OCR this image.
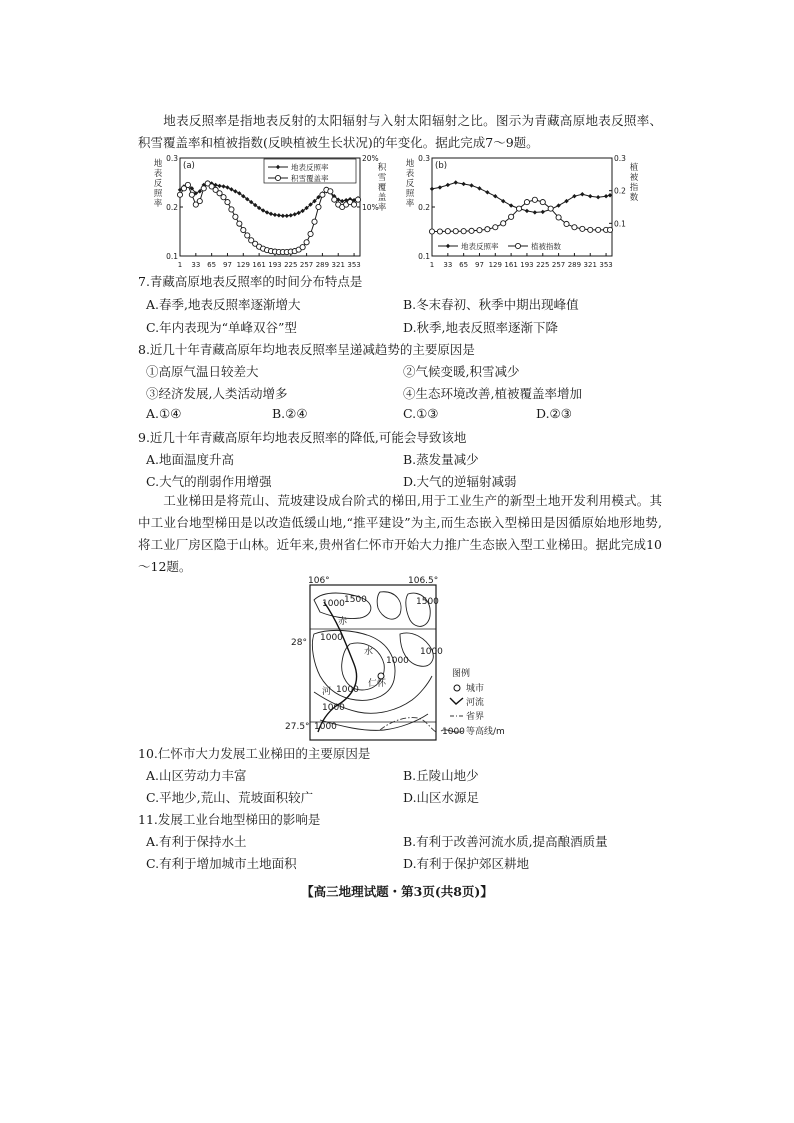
地表反照率是指地表反射的太阳辐射与入射太阳辐射之比。图示为青藏高原地表反照率、积雪覆盖率和植被指数(反映植被生长状况)的年变化。据此完成7～9题。
0.3
0.2
0.1
20%
10%
地
表
反
照
率
积
雪
覆
盖
率
1 33 65 97 129 161 193 225 257 289 321 353
(a)	地表反照率
积雪覆盖率
0.3
0.2
0.1
0.3
0.2
0.1
地
表
反
照
率
植
被
指
数
1 33 65 97 129 161 193 225 257 289 321 353
(b)
地表反照率	植被指数
7.青藏高原地表反照率的时间分布特点是
A.春季,地表反照率逐渐增大	B.冬末春初、秋季中期出现峰值
C.年内表现为“单峰双谷”型	D.秋季,地表反照率逐渐下降
8.近几十年青藏高原年均地表反照率呈递减趋势的主要原因是
①高原气温日较差大	②气候变暖,积雪减少
③经济发展,人类活动增多	④生态环境改善,植被覆盖率增加
A.①④	B.②④	C.①③	D.②③
9.近几十年青藏高原年均地表反照率的降低,可能会导致该地
A.地面温度升高	B.蒸发量减少
C.大气的削弱作用增强	D.大气的逆辐射减弱
工业梯田是将荒山、荒坡建设成台阶式的梯田,用于工业生产的新型土地开发利用模式。其中工业台地型梯田是以改造低缓山地,“推平建设”为主,而生态嵌入型梯田是因循原始地形地势,将工业厂房区隐于山林。近年来,贵州省仁怀市开始大力推广生态嵌入型工业梯田。据此完成10～12题。
106°	106.5°
28°
27.5°
1000 1500
1000
1500
1000
1000
1000
1000
1000
赤
水
河
仁怀
图例
城市
河流
省界
1000 等高线/m
10.仁怀市大力发展工业梯田的主要原因是
A.山区劳动力丰富	B.丘陵山地少
C.平地少,荒山、荒坡面积较广	D.山区水源足
11.发展工业台地型梯田的影响是
A.有利于保持水土	B.有利于改善河流水质,提高酿酒质量
C.有利于增加城市土地面积	D.有利于保护郊区耕地
【高三地理试题・第3页(共8页)】
